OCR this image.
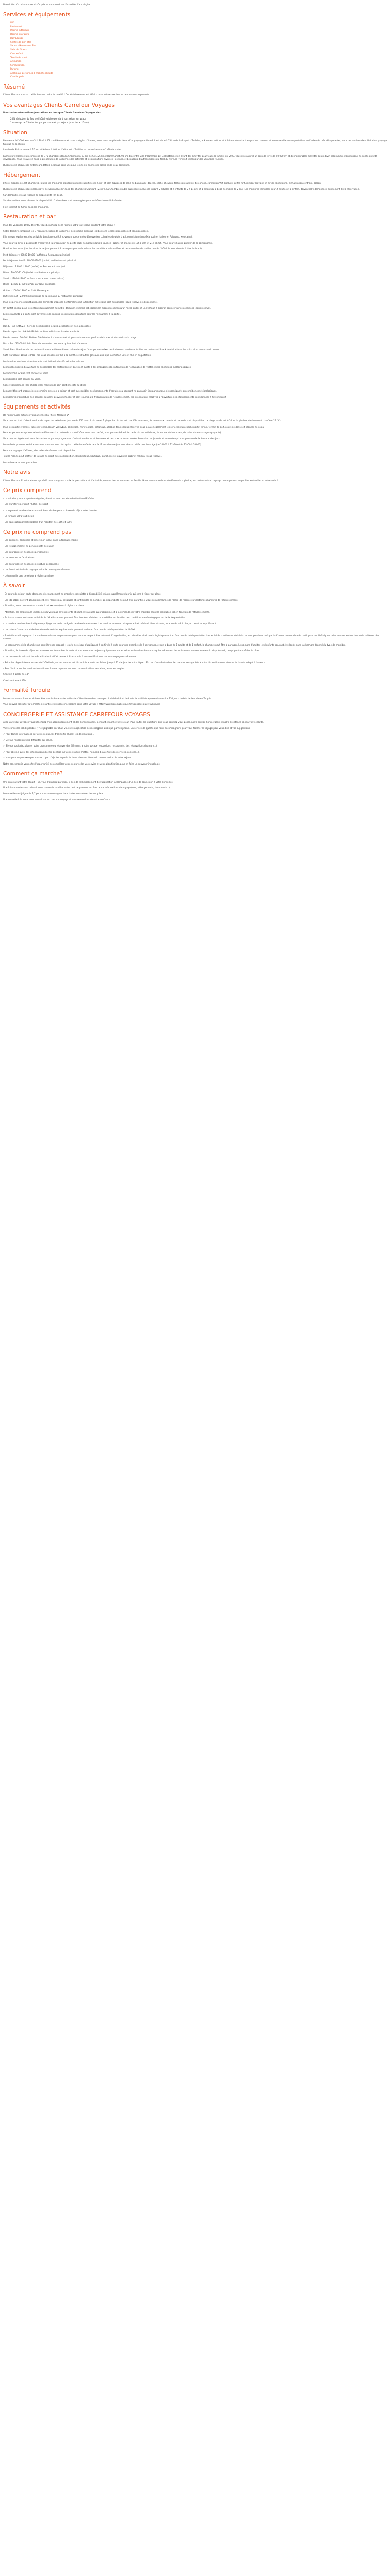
Description Ce prix comprend : Ce prix ne comprend pas Formalités Cancelogies

Services et équipements
• Wifi
• Restaurant
• Piscine extérieure
• Piscine intérieure
• Bar/ Lounge
• Centre de bien-être
• Sauna - Hammam - Spa
• Salle de fitness
• Club enfant
• Terrain de sport
• Animation
• Climatisation
• Parking
• Accès aux personnes à mobilité réduite
• Conciergerie
Résumé

L'hôtel Mercure vous accueille dans un cadre de qualité ! Cet établissement est idéal si vous désirez recherche de moments reposants.

Vos avantages Clients Carrefour Voyages

Pour toutes réservations/prestations en tant que Clients Carrefour Voyages de :

• 20% réduction du Spa de l'hôtel valable pendant tout séjour sur place
• 1 massage de 15 minutes par personne et par séjour (pour les + 16ans)
Situation

Bienvenue à l'hôtel Mercure 5* ! Situé à 15 km d'Hammamet dans la région d'Nabeul, vous serez en plein de décor d'un paysage enfermé. Il est situé à 75 km de l'aéroport d'Enfidha, à 9 min en voiture et à 10 min de votre transport en commun et le centre ville des exploitations de l'adieu de près d'imposantes, vous découvrirez dans l'hôtel un paysage typique de la région.

La ville de Sidi se trouve à 15 km et Nabeul à 40 km. L'aéroport d'Enfidha se trouve à environ 1h30 de route.

La Mercure Hôtel est un complexe de 375 chambres idéal à Charmant à 23 km de Sidi, 25 km d'Hammamet, 90 km du centre-ville d'Hammam Lif. Cet hôtel met en avant des activités pour toute la famille, en 2023, vous découvrirez un coin de terre de 20 000 m² et d'innombrables activités ou un divin programme d'animations de soirée ont été développés. Vous trouverez dans la préparation de la journée des activités et les animations diverses, piscines, et beaucoup d'autres choses qui font du Mercure l'endroit idéal pour des vacances réussies.

Durant votre séjour, nos détenteurs détails inconnus pour une pour les de dix animés de salles et de lieux communs.

Hébergement

L'hôtel dispose de 375 chambres. Toutes les chambres standard ont une superficie de 24 m² et sont équipées de salle de bains avec douche, sèche-cheveux, télévision satellite, téléphone, connexion Wifi gratuite, coffre-fort, minibar (payant) et air de conditionné, climatisation centrale, balcon.

Durant votre séjour, nous serons ravis de vous accueillir dans des chambres Standard (24 m²). La Chambre double supérieure accueille jusqu'à 2 adultes et 2 enfants de 2 à 11 ans et 1 enfant ou 1 bébé de moins de 2 ans. Les chambres familiales pour 4 adultes et 1 enfant, doivent être demandées au moment de la réservation.

Sur demande et sous réserve de disponibilité : lit bébé.

Sur demande et sous réserve de disponibilité : 2 chambres sont aménagées pour les hôtes à mobilité réduite.

Il est interdit de fumer dans les chambres.

Restauration et bar

Pour des vacances 100% détente, vous bénéficiez de la formule ultra tout inclus pendant votre séjour !

Cette dernière comprend les 3 repas principaux de la journée, des snacks ainsi que les boissons locales alcoolisées et non alcoolisées.

Elle intègre également des activités dans la propriété et vous proposera des découvertes culinaires de plats traditionnels tunisiens (Marocaine, Italienne, Poissons, Mexicaine).

Vous pourrez ainsi la possibilité d'essayer à la préparation de petits plats nombreux dans la journée : goûter et snacks de 10h à 18h et 21h et 23h. Vous pourrez aussi profiter de la gastronomie.

Horaires des repas (Les horaires de ce jour peuvent être un plus proposés suivant les conditions saisonnières et des nouvelles de la direction de l'hôtel. Ils sont donnés à titre indicatif).

Petit-déjeuner : 07h00-10h00 (buffet) au Restaurant principal

Petit-déjeuner tardif : 10h00-11h00 (buffet) au Restaurant principal

Déjeuner : 12h00 -14h00 (buffet) au Restaurant principal

Dîner : 19h00-21h00 (buffet) au Restaurant principal

Snack : 11h00-17h00 au Snack restaurant (selon saison)

Dîner : 14h00-17h00 au Pool Bar (plus en saison)

Goûter : 10h00-18h00 au Café Mauresque

Buffet de nuit : 23h00 minuit repas de la semaine au restaurant principal

Pour les personnes diabétiques, des éléments proposés conformément à la tradition diététique sont disponibles (sous réserve de disponibilité).

Un buffet spécial pour les enfants (uniquement durant le déjeuner et dîner) est également disponible ainsi qu'un micro-ondes et un réchaud à biberon sous certaines conditions (sous réserve).

Les restaurants à la carte sont ouverts selon saisons (réservation obligatoire pour les restaurants à la carte).

Bars :

Bar du Hall : 24h/24 – Service des boissons locales alcoolisées et non alcoolisées

Bar de la piscine : 09h00-18h00 - ambiance Boissons locales à volonté

Bar de la mer : 10h00-18h00 et 19h00-minuit - Vous rafraîchir pendant que vous profitez de la mer et du soleil sur la plage.

Disco Bar : 23h00-02h00 - Point de rencontre pour ceux qui veulent s'amuser

Snack Bar - Une formule de restauration sur le thème d'une chaîne de séjour. Vous pourrez mixer des boissons chaudes et froides au restaurant Snack le midi et tous les soirs, ainsi qu'un snack le soir.

Café Marocain : 10h00-18h00 - On vous propose un thé à la menthe et d'autres gâteaux ainsi que la chicha ! Café et thé en dégustation.

Les horaires des bars et restaurants sont à titre indicatifs selon les saisons.

Les fonctionnaires d'ouverture de l'ensemble des restaurants et bars sont sujets à des changements en fonction de l'occupation de l'hôtel et des conditions météorologiques.

Les boissons locales sont servies au verre.

Les boissons sont servies au verre.

Code vestimentaire : les shorts et les maillots de bain sont interdits au dîner.

Les activités sont organisées en semaine et selon la saison et sont susceptibles de changements d'horaires ou pourront ne pas avoir lieu par manque de participants ou conditions météorologiques.

Les horaires d'ouverture des services suivants peuvent changer et sont soumis à la fréquentation de l'établissement, les informations relatives à l'ouverture des établissements sont données à titre indicatif.

Équipements et activités

De nombreuses activités vous attendent à l'hôtel Mercure 5* :

Vous pourrez tout d'abord profiter de la piscine extérieure (piscine de 350 m²) : 1 piscine et 1 plage. La piscine est chauffée en saison, de nombreux transats et parasols sont disponibles. La plage privée est à 50 m. La piscine intérieure est chauffée (25 °C).

Pour les sportifs : fitness, table de tennis, beach volleyball, basketball, mini-football, pétanque, aérobic, tennis (sous réserve). Vous pouvez également les services d'un coach sportif, tennis, terrain de golf, cours de danse et séances de yoga.

Pour les personnes qui souhaitent se détendre : Le centre de spa de l'hôtel vous sera parfait, vous pourrez bénéficier de la piscine intérieure, du sauna, du hammam, de soins et de massages (payants).

Vous pourrez également vous laisser tenter par un programme d'animation diurne et de soirée, et des spectacles en soirée. Animation en journée et en soirée qui vous propose de la danse et des jeux.

Les enfants pourront se faire des amis dans un mini club qui accueille les enfants de 4 à 12 ans chaque jour avec des activités pour leur âge (de 10h00 à 12h30 et de 15h00 à 18h00).

Pour vos voyages d'affaires, des salles de réunion sont disponibles.

Tout le monde peut profiter de la salle de sport mise à disposition. Bibliothèque, boutique, blanchisserie (payante), cabinet médical (sous réserve).

Les animaux ne sont pas admis.

Notre avis

L'hôtel Mercure 5* est vraiment apprécié pour son grand choix de prestations et d'activités, comme de ces vacances en famille. Nous vous conseillons de découvrir la piscine, les restaurants et la plage ; vous pourrez en profiter en famille ou entre amis !

Ce prix comprend

- Le vol aller / retour opéré en régulier, direct ou avec escale à destination d'Enfidha

- Les transferts aéroport / hôtel / aéroport

- Le logement en chambre standard, base double pour la durée du séjour sélectionnée

- La formule ultra tout inclus

- Les taxes aéroport (révisables) d'un montant de 115€ et 100€

Ce prix ne comprend pas

- Les boissons, déjeuners et dîners non inclus dans la formule choisie

- Les ( suppléments) de pension petit déjeuner

- Les pourboires et dépenses personnelles

- Les assurances facultatives

- Les excursions et dépenses de nature personnelle

- Les éventuels frais de bagages selon la compagnie aérienne

- L'éventuelle taxe de séjour à régler sur place

À savoir

- En cours de séjour, toute demande de changement de chambre est sujette à disponibilité et à un supplément du prix qui sera à régler sur place.

- Les lits bébés doivent généralement être réservés au préalable et sont limités en nombre. La disponibilité ne peut être garantie, il vous sera demandé de l'ordre de réserve sur certaines chambres de l'établissement.

- Attention, vous pourrez être soumis à la taxe de séjour à régler sur place.

- Attention, les enfants à la charge ne peuvent pas être présents et peut-être ajoutés au programme et à la demande de votre chambre (dont la prestation est en fonction de l'établissement).

- En basse saison, certaines activités de l'établissement peuvent être fermées, réduites ou modifiées en fonction des conditions météorologiques ou de la fréquentation.

- Le nombre de chambres indiqué ne préjuge pas de la catégorie de chambre réservée. Les services annexes tels que cabinet médical, blanchisserie, location de véhicules, etc. sont en supplément.

- Les dates d'ouverture et de fermeture de certains équipements peuvent varier en fonction de la fréquentation de l'hôtel.

- Prestations à titre payant. Le nombre maximum de personnes par chambre ne peut être dépassé. L'organisation, le calendrier ainsi que la logistique sont en fonction de la fréquentation. Les activités sportives et de loisirs ne sont possibles qu'à partir d'un certain nombre de participants et l'hôtel pourra les annuler en fonction de la météo et des saisons.

- Le programme de la chambre ne peut être pas proposé ; le prix de séjour s'appliquant à partir de 2 nuits pour une chambre de 2 personnes, et sur la base de 1 adulte et de 1 enfant, la chambre peut être à partager. Le nombre d'adultes et d'enfants pouvant être logés dans la chambre dépend du type de chambre.

- Attention, la durée de séjour est calculée sur le nombre de nuits et non le nombre de jours qui peuvent varier selon les horaires des compagnies aériennes. Les vols retour peuvent être en fin d'après-midi, ce qui peut empêcher le dîner.

- Les horaires de vol sont donnés à titre indicatif et peuvent être soumis à des modifications par les compagnies aériennes.

- Selon les règles internationales de l'hôtellerie, votre chambre est disponible à partir de 14h et jusqu'à 12h le jour de votre départ. En cas d'arrivée tardive, la chambre sera gardée à votre disposition sous réserve de l'avoir indiqué à l'avance.

- Seul l'indication, les services touristiques fournis reposent sur nos communications certaines, avant en anglais.

Check-in à partir de 14h

Check-out avant 12h

Formalité Turquie

Les ressortissants français doivent être munis d'une carte nationale d'identité ou d'un passeport individuel dont la durée de validité dépasse d'au moins 150 jours la date de l'entrée en Turquie.

Vous pouvez consulter la formalité de santé et de police nécessaire pour votre voyage : http://www.diplomatie.gouv.fr/fr/conseils-aux-voyageurs/

CONCIERGERIE ET ASSISTANCE CARREFOUR VOYAGES

Avec Carrefour Voyages vous bénéficiez d'un accompagnement et des conseils avant, pendant et après votre séjour. Pour toutes les questions que vous pourriez vous poser, notre service Conciergerie et notre assistance sont à votre écoute.

Votre conseiller est disponible 7/7 et joignable par chat, via votre application de messagerie ainsi que par téléphone. Un service de qualité que nous accompagnons pour vous faciliter le voyage pour vous dire et vos suggestions.

✓ Pour toutes informations sur votre séjour, les transferts, l'hôtel, les destinations...

✓ Si vous rencontrez des difficultés sur place.

✓ Si vous souhaitez ajouter votre programme ou réserver des éléments à votre voyage (excursions, restaurants, des réservations chambre...).

✓ Pour obtenir aussi des informations d'ordre général sur votre voyage (météo, horaires d'ouverture des services, conseils...).

✓ Vous pourrez par exemple vous occuper d'ajouter le plein de bons plans ou découvrir une excursion de votre séjour.

Notre conciergerie vous offre l'opportunité de compléter votre séjour selon vos envies et votre planification pour en faire un souvenir inoubliable.

Comment ça marche?

Une envie avant votre départ (J-7), vous trouverez par mail, le lien de téléchargement de l'application accompagné d'un lien de connexion à votre conseiller.

Une fois connecté avec celle-ci, vous pouvez le modifier votre tant de passe et accéder à vos informations de voyage (vols, hébergements, documents...).

Le conseiller est joignable 7/7 pour vous accompagner dans toutes vos démarches sur place.

Une nouvelle fois, nous vous souhaitons un très bon voyage et vous remercions de votre confiance.
